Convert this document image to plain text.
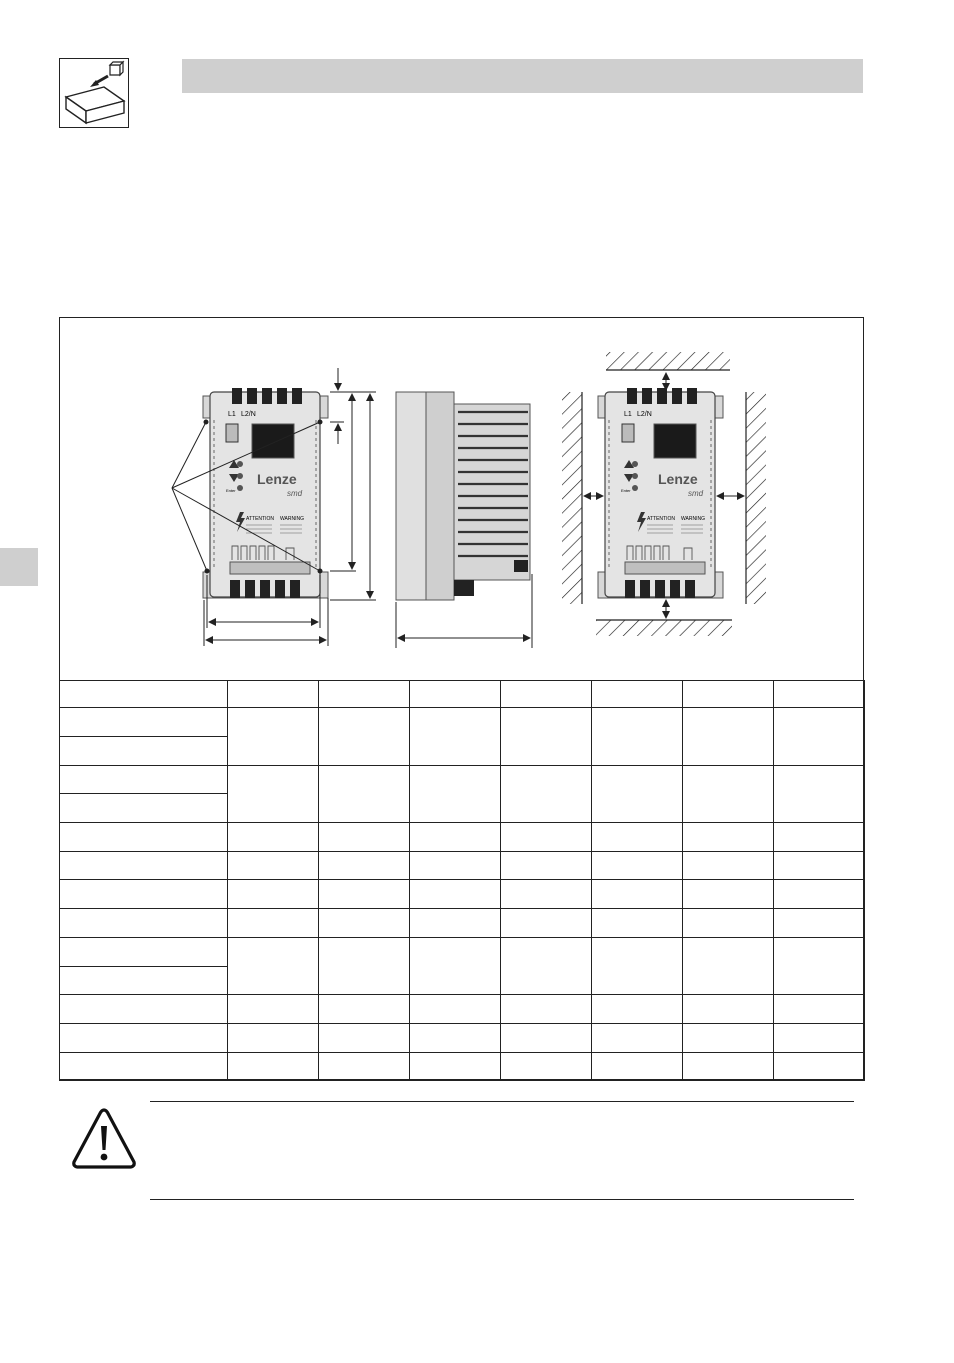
L1 L2/N
Enter
Lenze
smd
ATTENTION WARNING
L1 L2/N
Enter
Lenze
smd
ATTENTION WARNING
